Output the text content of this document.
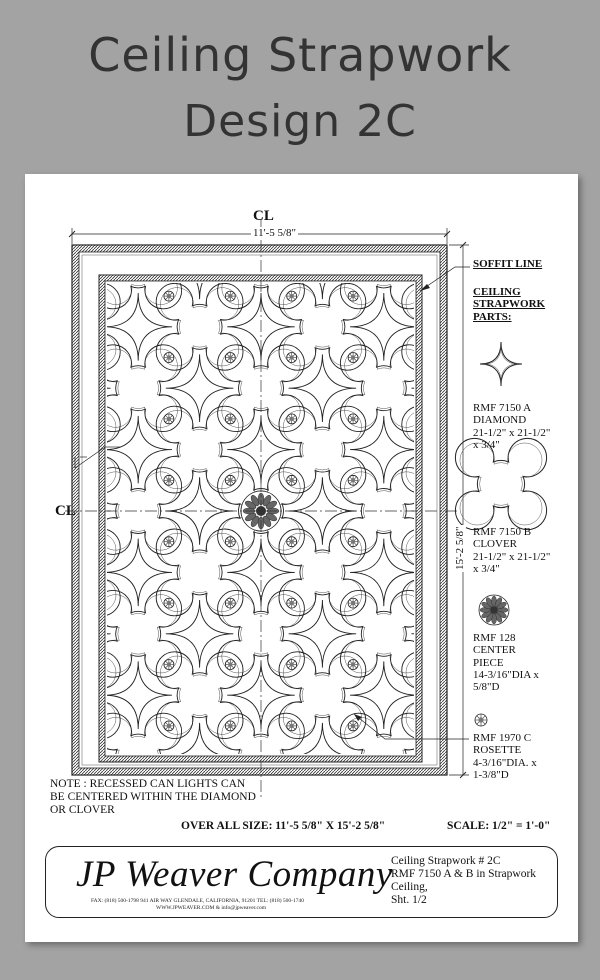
Ceiling Strapwork
Design 2C
CL
11'-5 5/8"
CL
15'-2 5/8"
SOFFIT LINE
CEILING
STRAPWORK
PARTS:
RMF 7150 A
DIAMOND
21-1/2" x 21-1/2"
x 3/4"
RMF 7150 B
CLOVER
21-1/2" x 21-1/2"
x 3/4"
RMF 128
CENTER
PIECE
14-3/16"DIA x
5/8"D
RMF 1970 C
ROSETTE
4-3/16"DIA. x
1-3/8"D
NOTE : RECESSED CAN LIGHTS CAN
BE CENTERED WITHIN THE DIAMOND
OR CLOVER
OVER ALL SIZE: 11'-5 5/8" X 15'-2 5/8"	SCALE: 1/2" = 1'-0"
JP Weaver Company
FAX: (818) 500-1798 941 AIR WAY GLENDALE, CALIFORNIA, 91201 TEL: (818) 500-1740
WWW.JPWEAVER.COM & info@jpweaver.com
Ceiling Strapwork # 2C
RMF 7150 A & B in Strapwork
Ceiling,
Sht. 1/2
